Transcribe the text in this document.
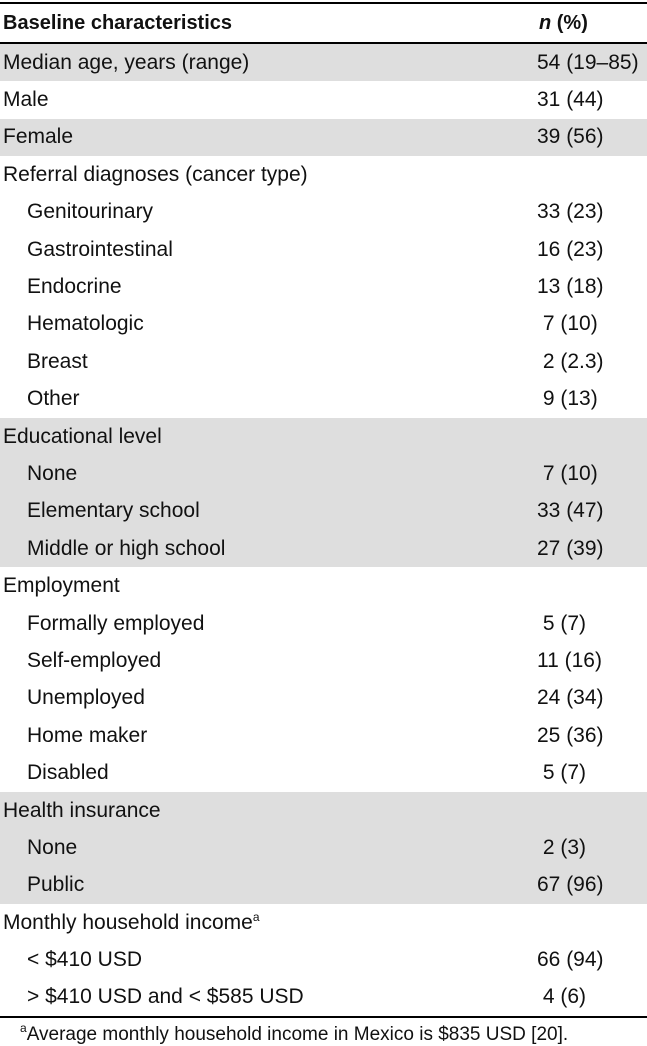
Baseline characteristics	n (%)
Median age, years (range)	54 (19–85)
Male	31 (44)
Female	39 (56)
Referral diagnoses (cancer type)
Genitourinary	33 (23)
Gastrointestinal	16 (23)
Endocrine	13 (18)
Hematologic	7 (10)
Breast	2 (2.3)
Other	9 (13)
Educational level
None	7 (10)
Elementary school	33 (47)
Middle or high school	27 (39)
Employment
Formally employed	5 (7)
Self-employed	11 (16)
Unemployed	24 (34)
Home maker	25 (36)
Disabled	5 (7)
Health insurance
None	2 (3)
Public	67 (96)
Monthly household income$^a$
< $410 USD	66 (94)
> $410 USD and < $585 USD	4 (6)
$^a$Average monthly household income in Mexico is $835 USD [20].
